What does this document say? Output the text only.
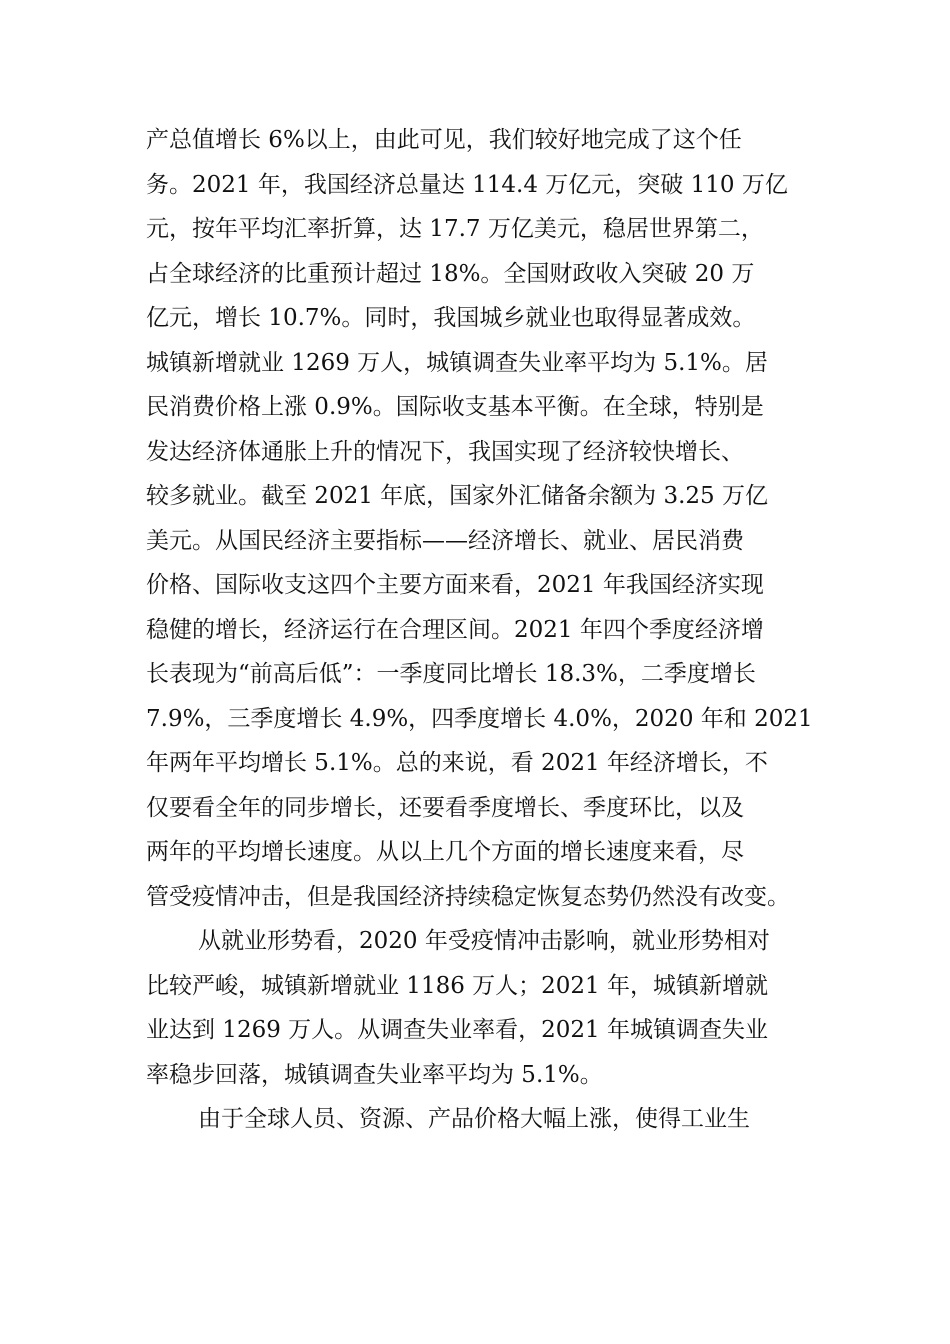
产总值增长 6%以上，由此可见，我们较好地完成了这个任
务。2021 年，我国经济总量达 114.4 万亿元，突破 110 万亿
元，按年平均汇率折算，达 17.7 万亿美元，稳居世界第二，
占全球经济的比重预计超过 18%。全国财政收入突破 20 万
亿元，增长 10.7%。同时，我国城乡就业也取得显著成效。
城镇新增就业 1269 万人，城镇调查失业率平均为 5.1%。居
民消费价格上涨 0.9%。国际收支基本平衡。在全球，特别是
发达经济体通胀上升的情况下，我国实现了经济较快增长、
较多就业。截至 2021 年底，国家外汇储备余额为 3.25 万亿
美元。从国民经济主要指标——经济增长、就业、居民消费
价格、国际收支这四个主要方面来看，2021 年我国经济实现
稳健的增长，经济运行在合理区间。2021 年四个季度经济增
长表现为“前高后低”：一季度同比增长 18.3%，二季度增长
7.9%，三季度增长 4.9%，四季度增长 4.0%，2020 年和 2021
年两年平均增长 5.1%。总的来说，看 2021 年经济增长，不
仅要看全年的同步增长，还要看季度增长、季度环比，以及
两年的平均增长速度。从以上几个方面的增长速度来看，尽
管受疫情冲击，但是我国经济持续稳定恢复态势仍然没有改变。
从就业形势看，2020 年受疫情冲击影响，就业形势相对
比较严峻，城镇新增就业 1186 万人；2021 年，城镇新增就
业达到 1269 万人。从调查失业率看，2021 年城镇调查失业
率稳步回落，城镇调查失业率平均为 5.1%。
由于全球人员、资源、产品价格大幅上涨，使得工业生
